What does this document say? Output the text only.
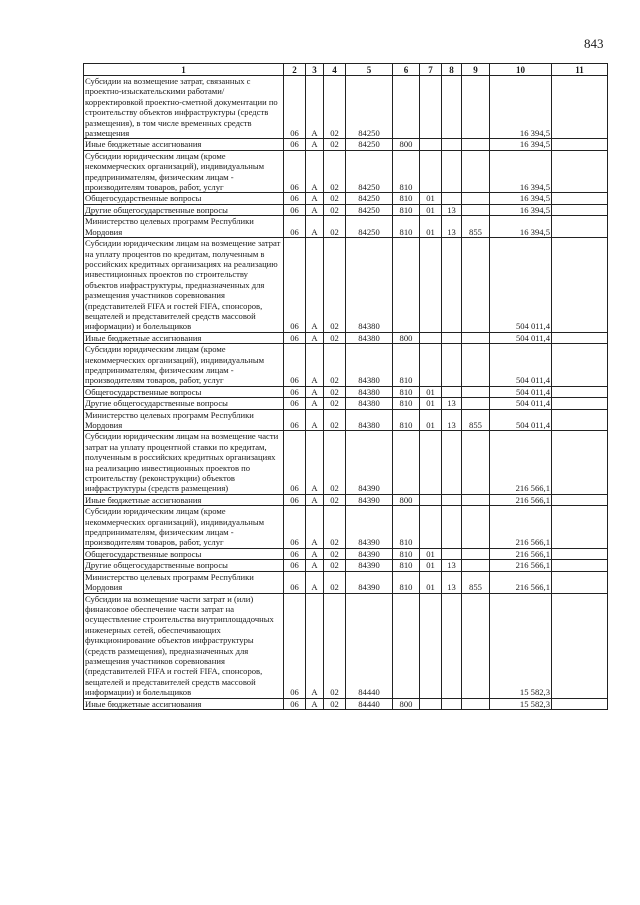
843
1	2	3	4	5	6	7	8	9	10	11
Субсидии на возмещение затрат, связанных с проектно-изыскательскими работами/корректировкой проектно-сметной документации по строительству объектов инфраструктуры (средств размещения), в том числе временных средств размещения	06	А	02	84250					16 394,5	
Иные бюджетные ассигнования	06	А	02	84250	800				16 394,5	
Субсидии юридическим лицам (кроме некоммерческих организаций), индивидуальным предпринимателям, физическим лицам - производителям товаров, работ, услуг	06	А	02	84250	810				16 394,5	
Общегосударственные вопросы	06	А	02	84250	810	01			16 394,5	
Другие общегосударственные вопросы	06	А	02	84250	810	01	13		16 394,5	
Министерство целевых программ Республики Мордовия	06	А	02	84250	810	01	13	855	16 394,5	
Субсидии юридическим лицам на возмещение затрат на уплату процентов по кредитам, полученным в российских кредитных организациях на реализацию инвестиционных проектов по строительству объектов инфраструктуры, предназначенных для размещения участников соревнования (представителей FIFA и гостей FIFA, спонсоров, вещателей и представителей средств массовой информации) и болельщиков	06	А	02	84380					504 011,4	
Иные бюджетные ассигнования	06	А	02	84380	800				504 011,4	
Субсидии юридическим лицам (кроме некоммерческих организаций), индивидуальным предпринимателям, физическим лицам - производителям товаров, работ, услуг	06	А	02	84380	810				504 011,4	
Общегосударственные вопросы	06	А	02	84380	810	01			504 011,4	
Другие общегосударственные вопросы	06	А	02	84380	810	01	13		504 011,4	
Министерство целевых программ Республики Мордовия	06	А	02	84380	810	01	13	855	504 011,4	
Субсидии юридическим лицам на возмещение части затрат на уплату процентной ставки по кредитам, полученным в российских кредитных организациях на реализацию инвестиционных проектов по строительству (реконструкции) объектов инфраструктуры (средств размещения)	06	А	02	84390					216 566,1	
Иные бюджетные ассигнования	06	А	02	84390	800				216 566,1	
Субсидии юридическим лицам (кроме некоммерческих организаций), индивидуальным предпринимателям, физическим лицам - производителям товаров, работ, услуг	06	А	02	84390	810				216 566,1	
Общегосударственные вопросы	06	А	02	84390	810	01			216 566,1	
Другие общегосударственные вопросы	06	А	02	84390	810	01	13		216 566,1	
Министерство целевых программ Республики Мордовия	06	А	02	84390	810	01	13	855	216 566,1	
Субсидии на возмещение части затрат и (или) финансовое обеспечение части затрат на осуществление строительства внутриплощадочных инженерных сетей, обеспечивающих функционирование объектов инфраструктуры (средств размещения), предназначенных для размещения участников соревнования (представителей FIFA и гостей FIFA, спонсоров, вещателей и представителей средств массовой информации) и болельщиков	06	А	02	84440					15 582,3	
Иные бюджетные ассигнования	06	А	02	84440	800				15 582,3	
